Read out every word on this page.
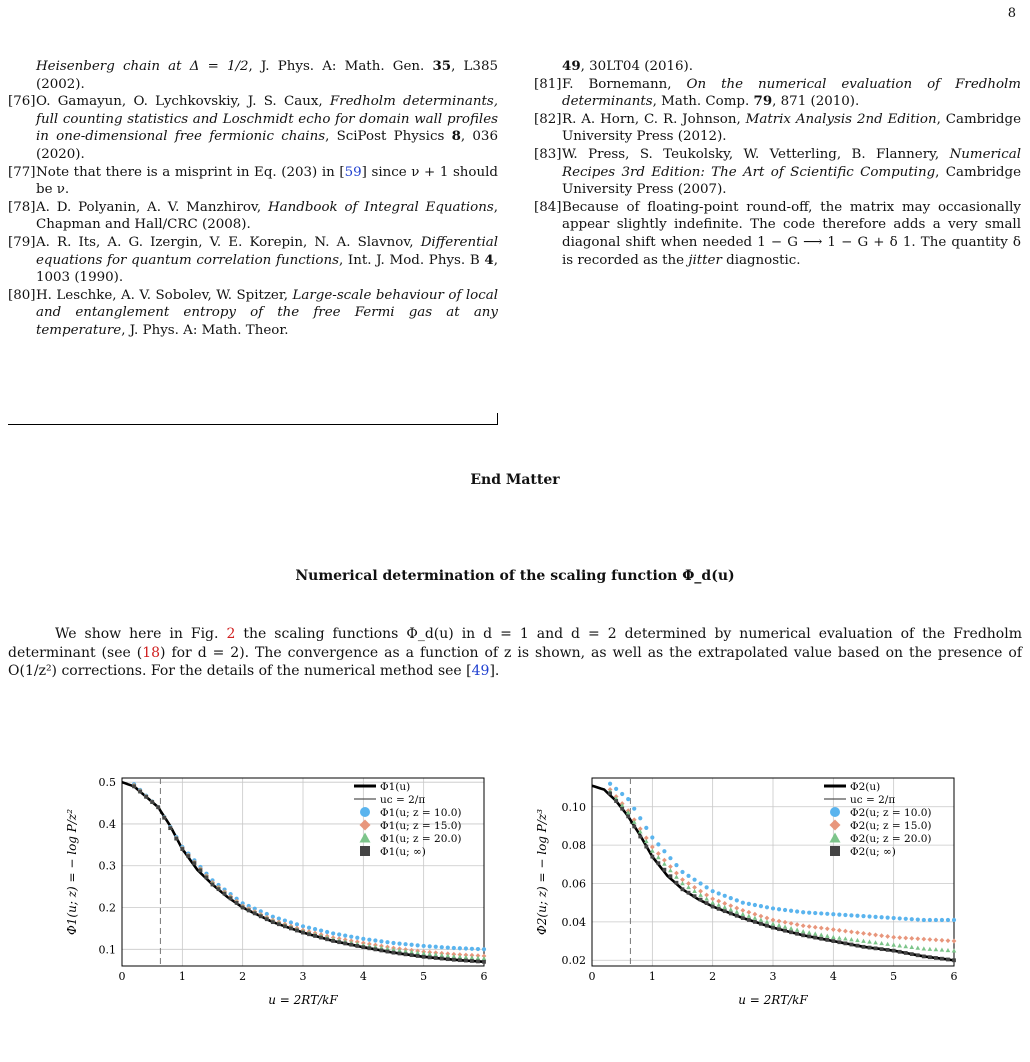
8
Heisenberg chain at Δ = 1/2, J. Phys. A: Math. Gen. 35, L385 (2002).
[76] O. Gamayun, O. Lychkovskiy, J. S. Caux, Fredholm determinants, full counting statistics and Loschmidt echo for domain wall profiles in one-dimensional free fermionic chains, SciPost Physics 8, 036 (2020).
[77] Note that there is a misprint in Eq. (203) in [59] since ν + 1 should be ν.
[78] A. D. Polyanin, A. V. Manzhirov, Handbook of Integral Equations, Chapman and Hall/CRC (2008).
[79] A. R. Its, A. G. Izergin, V. E. Korepin, N. A. Slavnov, Differential equations for quantum correlation functions, Int. J. Mod. Phys. B 4, 1003 (1990).
[80] H. Leschke, A. V. Sobolev, W. Spitzer, Large-scale behaviour of local and entanglement entropy of the free Fermi gas at any temperature, J. Phys. A: Math. Theor.
49, 30LT04 (2016).
[81] F. Bornemann, On the numerical evaluation of Fredholm determinants, Math. Comp. 79, 871 (2010).
[82] R. A. Horn, C. R. Johnson, Matrix Analysis 2nd Edition, Cambridge University Press (2012).
[83] W. Press, S. Teukolsky, W. Vetterling, B. Flannery, Numerical Recipes 3rd Edition: The Art of Scientific Computing, Cambridge University Press (2007).
[84] Because of floating-point round-off, the matrix may occasionally appear slightly indefinite. The code therefore adds a very small diagonal shift when needed 1 − G ⟶ 1 − G + δ 1. The quantity δ is recorded as the jitter diagnostic.
End Matter
Numerical determination of the scaling function Φ_d(u)
We show here in Fig. 2 the scaling functions Φ_d(u) in d = 1 and d = 2 determined by numerical evaluation of the Fredholm determinant (see (18) for d = 2). The convergence as a function of z is shown, as well as the extrapolated value based on the presence of O(1/z²) corrections. For the details of the numerical method see [49].
0	1	2	3	4	5	6
0.1
0.2
0.3
0.4
0.5	Φ1(u)
uc = 2/π
Φ1(u; z = 10.0)
Φ1(u; z = 15.0)
Φ1(u; z = 20.0)
Φ1(u; ∞)
u = 2RT/kF
Φ1(u; z) = − log P/z²
0	1	2	3	4	5	6
0.02
0.04
0.06
0.08
0.10
Φ2(u)
uc = 2/π
Φ2(u; z = 10.0)
Φ2(u; z = 15.0)
Φ2(u; z = 20.0)
Φ2(u; ∞)
u = 2RT/kF
Φ2(u; z) = − log P/z³
